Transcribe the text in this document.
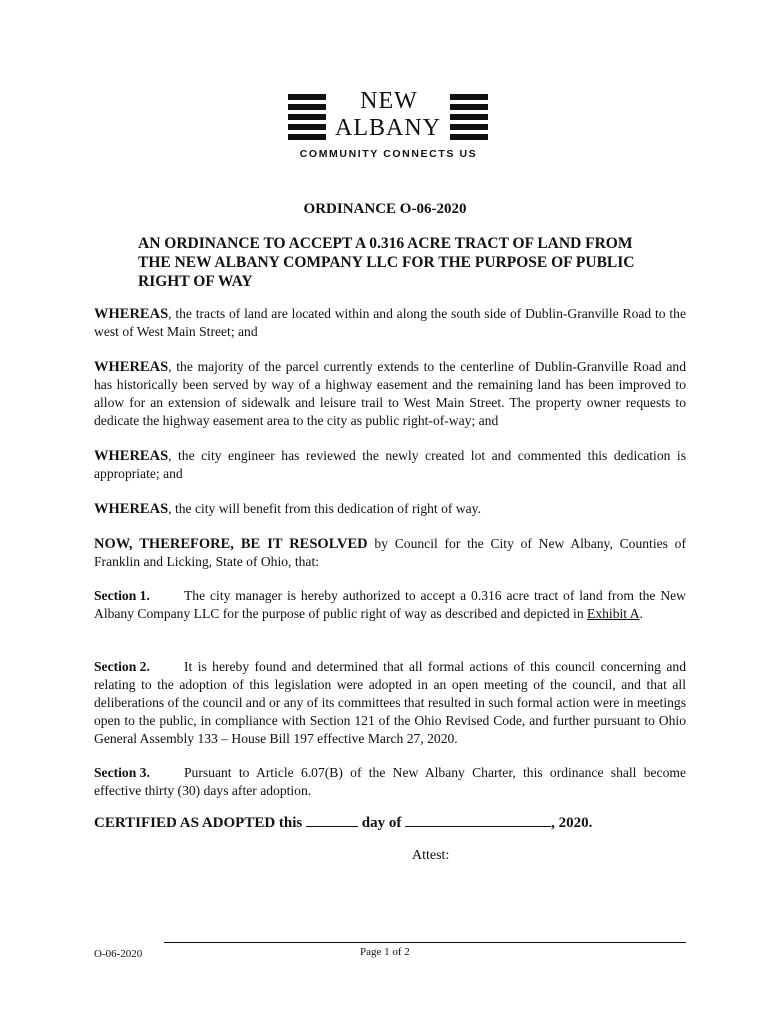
NEW
ALBANY
COMMUNITY CONNECTS US
ORDINANCE O-06-2020

AN ORDINANCE TO ACCEPT A 0.316 ACRE TRACT OF LAND FROM THE NEW ALBANY COMPANY LLC FOR THE PURPOSE OF PUBLIC RIGHT OF WAY

WHEREAS, the tracts of land are located within and along the south side of Dublin-Granville Road to the west of West Main Street; and

WHEREAS, the majority of the parcel currently extends to the centerline of Dublin-Granville Road and has historically been served by way of a highway easement and the remaining land has been improved to allow for an extension of sidewalk and leisure trail to West Main Street. The property owner requests to dedicate the highway easement area to the city as public right-of-way; and

WHEREAS, the city engineer has reviewed the newly created lot and commented this dedication is appropriate; and

WHEREAS, the city will benefit from this dedication of right of way.

NOW, THEREFORE, BE IT RESOLVED by Council for the City of New Albany, Counties of Franklin and Licking, State of Ohio, that:

Section 1.	The city manager is hereby authorized to accept a 0.316 acre tract of land from the New Albany Company LLC for the purpose of public right of way as described and depicted in Exhibit A.

Section 2.	It is hereby found and determined that all formal actions of this council concerning and relating to the adoption of this legislation were adopted in an open meeting of the council, and that all deliberations of the council and or any of its committees that resulted in such formal action were in meetings open to the public, in compliance with Section 121 of the Ohio Revised Code, and further pursuant to Ohio General Assembly 133 – House Bill 197 effective March 27, 2020.

Section 3.	Pursuant to Article 6.07(B) of the New Albany Charter, this ordinance shall become effective thirty (30) days after adoption.

CERTIFIED AS ADOPTED this	day of	, 2020.
Attest:
O-06-2020	Page 1 of 2
